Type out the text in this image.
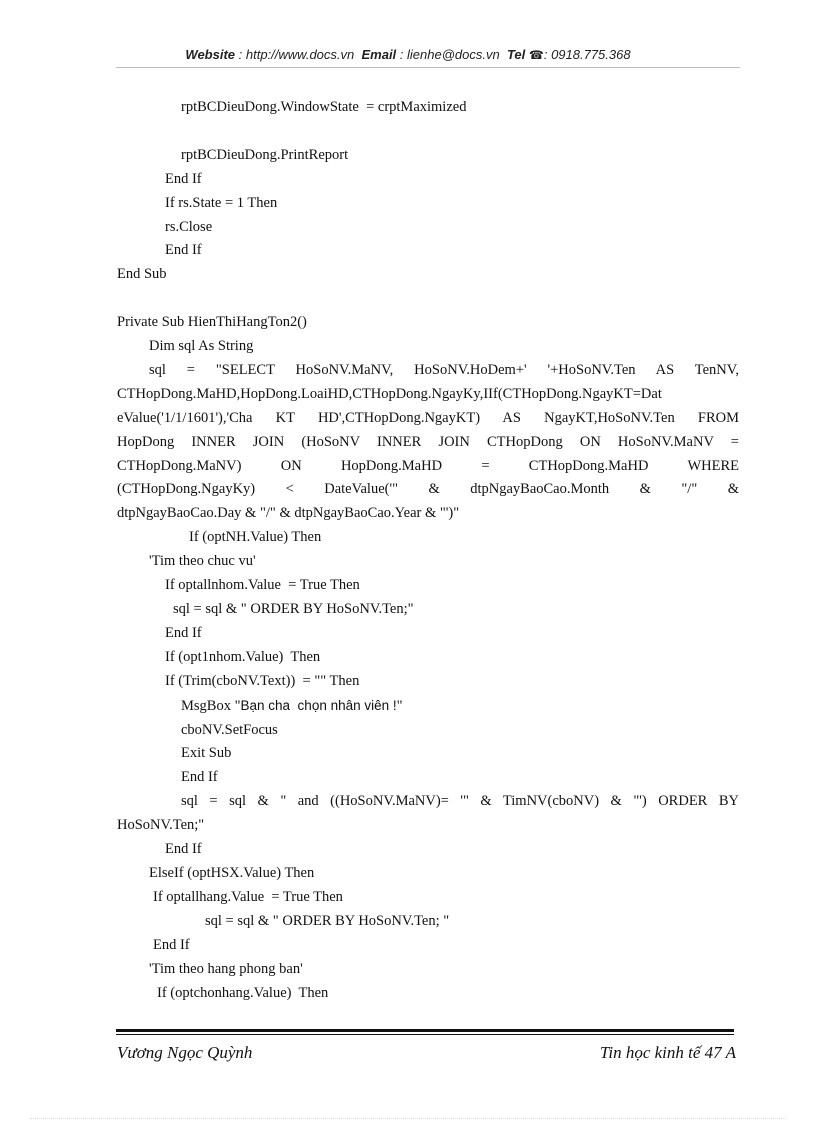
Website : http://www.docs.vn Email : lienhe@docs.vn Tel ☎: 0918.775.368
rptBCDieuDong.WindowState  = crptMaximized
rptBCDieuDong.PrintReport
End If
If rs.State = 1 Then
rs.Close
End If
End Sub
Private Sub HienThiHangTon2()
Dim sql As String
sql = "SELECT HoSoNV.MaNV, HoSoNV.HoDem+' '+HoSoNV.Ten AS TenNV,
CTHopDong.MaHD,HopDong.LoaiHD,CTHopDong.NgayKy,IIf(CTHopDong.NgayKT=Dat
eValue('1/1/1601'),'Cha KT HD',CTHopDong.NgayKT) AS NgayKT,HoSoNV.Ten FROM
HopDong INNER JOIN (HoSoNV INNER JOIN CTHopDong ON HoSoNV.MaNV =
CTHopDong.MaNV) ON HopDong.MaHD = CTHopDong.MaHD WHERE
(CTHopDong.NgayKy) < DateValue('" & dtpNgayBaoCao.Month & "/" &
dtpNgayBaoCao.Day & "/" & dtpNgayBaoCao.Year & "')"
If (optNH.Value) Then
'Tim theo chuc vu'
If optallnhom.Value  = True Then
sql = sql & " ORDER BY HoSoNV.Ten;"
End If
If (opt1nhom.Value)  Then
If (Trim(cboNV.Text))  = "" Then
MsgBox "Bạn cha  chọn nhân viên !"
cboNV.SetFocus
Exit Sub
End If
sql = sql & " and ((HoSoNV.MaNV)= '" & TimNV(cboNV) & "') ORDER BY
HoSoNV.Ten;"
End If
ElseIf (optHSX.Value) Then
If optallhang.Value  = True Then
sql = sql & " ORDER BY HoSoNV.Ten; "
End If
'Tim theo hang phong ban'
If (optchonhang.Value)  Then
Vương Ngọc Quỳnh	Tin học kinh tế 47 A
